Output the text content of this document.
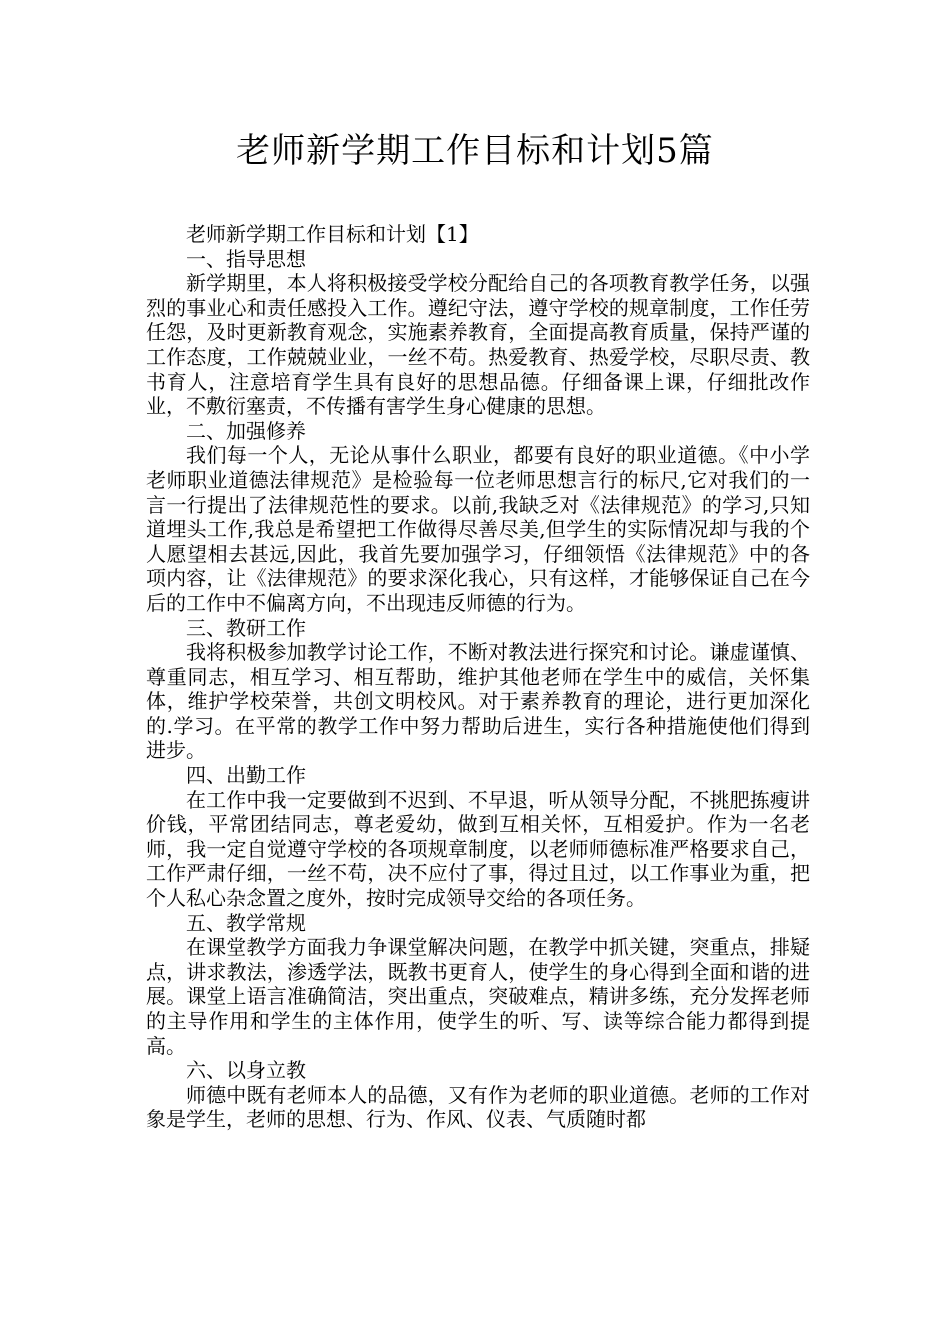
老师新学期工作目标和计划5篇

老师新学期工作目标和计划【1】

一、指导思想

新学期里，本人将积极接受学校分配给自己的各项教育教学任务，以强烈的事业心和责任感投入工作。遵纪守法，遵守学校的规章制度，工作任劳任怨，及时更新教育观念，实施素养教育，全面提高教育质量，保持严谨的工作态度，工作兢兢业业，一丝不苟。热爱教育、热爱学校，尽职尽责、教书育人，注意培育学生具有良好的思想品德。仔细备课上课，仔细批改作业，不敷衍塞责，不传播有害学生身心健康的思想。

二、加强修养

我们每一个人，无论从事什么职业，都要有良好的职业道德。《中小学老师职业道德法律规范》是检验每一位老师思想言行的标尺,它对我们的一言一行提出了法律规范性的要求。以前,我缺乏对《法律规范》的学习,只知道埋头工作,我总是希望把工作做得尽善尽美,但学生的实际情况却与我的个人愿望相去甚远,因此，我首先要加强学习，仔细领悟《法律规范》中的各项内容，让《法律规范》的要求深化我心，只有这样，才能够保证自己在今后的工作中不偏离方向，不出现违反师德的行为。

三、教研工作

我将积极参加教学讨论工作，不断对教法进行探究和讨论。谦虚谨慎、尊重同志，相互学习、相互帮助，维护其他老师在学生中的威信，关怀集体，维护学校荣誉，共创文明校风。对于素养教育的理论，进行更加深化的.学习。在平常的教学工作中努力帮助后进生，实行各种措施使他们得到进步。

四、出勤工作

在工作中我一定要做到不迟到、不早退，听从领导分配，不挑肥拣瘦讲价钱，平常团结同志，尊老爱幼，做到互相关怀，互相爱护。作为一名老师，我一定自觉遵守学校的各项规章制度，以老师师德标准严格要求自己，工作严肃仔细，一丝不苟，决不应付了事，得过且过，以工作事业为重，把个人私心杂念置之度外，按时完成领导交给的各项任务。

五、教学常规

在课堂教学方面我力争课堂解决问题，在教学中抓关键，突重点，排疑点，讲求教法，渗透学法，既教书更育人，使学生的身心得到全面和谐的进展。课堂上语言准确简洁，突出重点，突破难点，精讲多练，充分发挥老师的主导作用和学生的主体作用，使学生的听、写、读等综合能力都得到提高。

六、以身立教

师德中既有老师本人的品德，又有作为老师的职业道德。老师的工作对象是学生，老师的思想、行为、作风、仪表、气质随时都
